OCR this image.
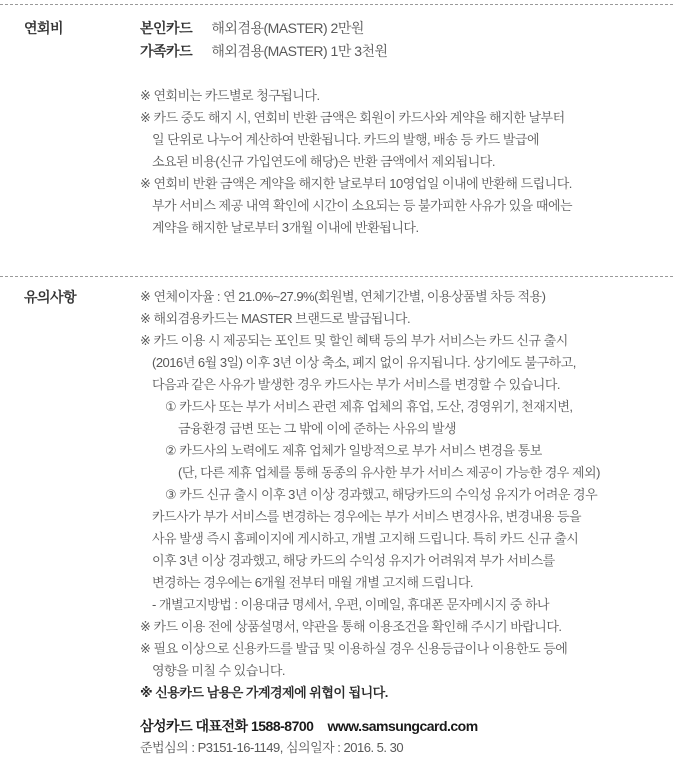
연회비	본인카드 해외겸용(MASTER) 2만원
가족카드 해외겸용(MASTER) 1만 3천원
※ 연회비는 카드별로 청구됩니다.
※ 카드 중도 해지 시, 연회비 반환 금액은 회원이 카드사와 계약을 해지한 날부터
일 단위로 나누어 계산하여 반환됩니다. 카드의 발행, 배송 등 카드 발급에
소요된 비용(신규 가입연도에 해당)은 반환 금액에서 제외됩니다.
※ 연회비 반환 금액은 계약을 해지한 날로부터 10영업일 이내에 반환해 드립니다.
부가 서비스 제공 내역 확인에 시간이 소요되는 등 불가피한 사유가 있을 때에는
계약을 해지한 날로부터 3개월 이내에 반환됩니다.
유의사항	※ 연체이자율 : 연 21.0%~27.9%(회원별, 연체기간별, 이용상품별 차등 적용)
※ 해외겸용카드는 MASTER 브랜드로 발급됩니다.
※ 카드 이용 시 제공되는 포인트 및 할인 혜택 등의 부가 서비스는 카드 신규 출시
(2016년 6월 3일) 이후 3년 이상 축소, 폐지 없이 유지됩니다. 상기에도 불구하고,
다음과 같은 사유가 발생한 경우 카드사는 부가 서비스를 변경할 수 있습니다.
① 카드사 또는 부가 서비스 관련 제휴 업체의 휴업, 도산, 경영위기, 천재지변,
금융환경 급변 또는 그 밖에 이에 준하는 사유의 발생
② 카드사의 노력에도 제휴 업체가 일방적으로 부가 서비스 변경을 통보
(단, 다른 제휴 업체를 통해 동종의 유사한 부가 서비스 제공이 가능한 경우 제외)
③ 카드 신규 출시 이후 3년 이상 경과했고, 해당카드의 수익성 유지가 어려운 경우
카드사가 부가 서비스를 변경하는 경우에는 부가 서비스 변경사유, 변경내용 등을
사유 발생 즉시 홈페이지에 게시하고, 개별 고지해 드립니다. 특히 카드 신규 출시
이후 3년 이상 경과했고, 해당 카드의 수익성 유지가 어려워져 부가 서비스를
변경하는 경우에는 6개월 전부터 매월 개별 고지해 드립니다.
- 개별고지방법 : 이용대금 명세서, 우편, 이메일, 휴대폰 문자메시지 중 하나
※ 카드 이용 전에 상품설명서, 약관을 통해 이용조건을 확인해 주시기 바랍니다.
※ 필요 이상으로 신용카드를 발급 및 이용하실 경우 신용등급이나 이용한도 등에
영향을 미칠 수 있습니다.
※ 신용카드 남용은 가계경제에 위협이 됩니다.
삼성카드 대표전화 1588-8700 www.samsungcard.com
준법심의 : P3151-16-1149, 심의일자 : 2016. 5. 30
